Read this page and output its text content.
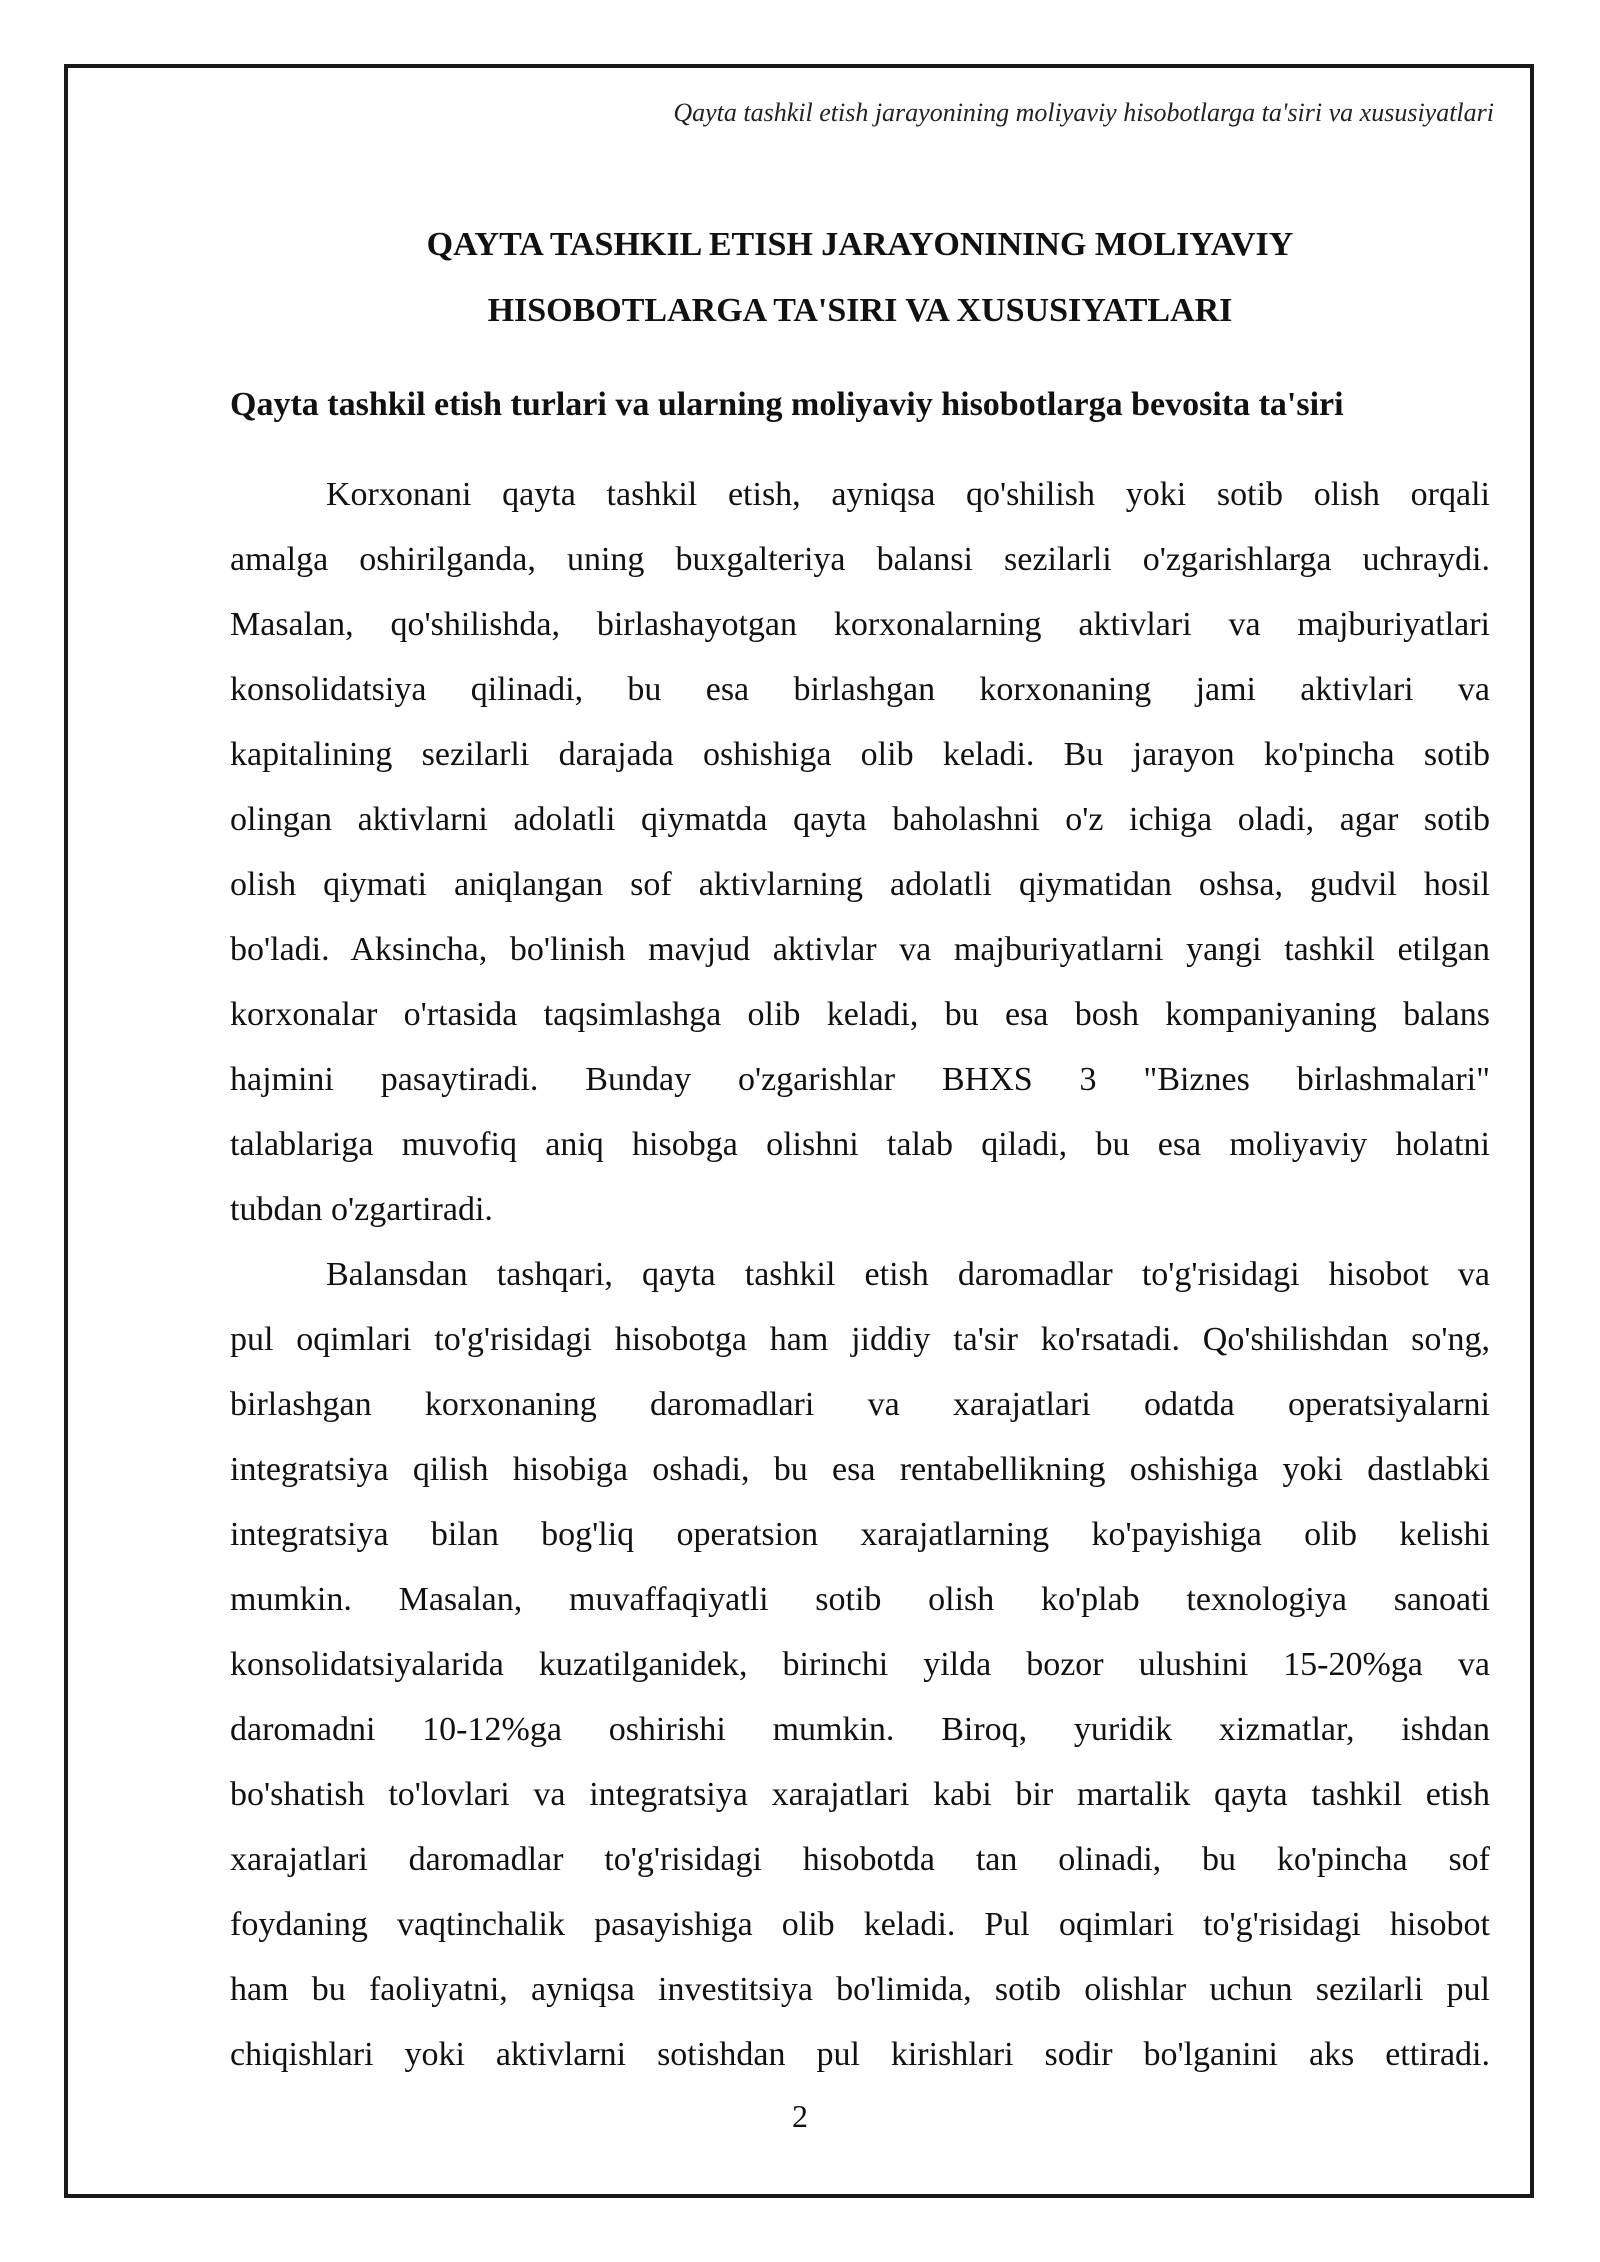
Qayta tashkil etish jarayonining moliyaviy hisobotlarga ta'siri va xususiyatlari
QAYTA TASHKIL ETISH JARAYONINING MOLIYAVIY
HISOBOTLARGA TA'SIRI VA XUSUSIYATLARI
Qayta tashkil etish turlari va ularning moliyaviy hisobotlarga bevosita ta'siri
Korxonani qayta tashkil etish, ayniqsa qo'shilish yoki sotib olish orqali
amalga oshirilganda, uning buxgalteriya balansi sezilarli o'zgarishlarga uchraydi.
Masalan, qo'shilishda, birlashayotgan korxonalarning aktivlari va majburiyatlari
konsolidatsiya qilinadi, bu esa birlashgan korxonaning jami aktivlari va
kapitalining sezilarli darajada oshishiga olib keladi. Bu jarayon ko'pincha sotib
olingan aktivlarni adolatli qiymatda qayta baholashni o'z ichiga oladi, agar sotib
olish qiymati aniqlangan sof aktivlarning adolatli qiymatidan oshsa, gudvil hosil
bo'ladi. Aksincha, bo'linish mavjud aktivlar va majburiyatlarni yangi tashkil etilgan
korxonalar o'rtasida taqsimlashga olib keladi, bu esa bosh kompaniyaning balans
hajmini pasaytiradi. Bunday o'zgarishlar BHXS 3 "Biznes birlashmalari"
talablariga muvofiq aniq hisobga olishni talab qiladi, bu esa moliyaviy holatni
tubdan o'zgartiradi.
Balansdan tashqari, qayta tashkil etish daromadlar to'g'risidagi hisobot va
pul oqimlari to'g'risidagi hisobotga ham jiddiy ta'sir ko'rsatadi. Qo'shilishdan so'ng,
birlashgan korxonaning daromadlari va xarajatlari odatda operatsiyalarni
integratsiya qilish hisobiga oshadi, bu esa rentabellikning oshishiga yoki dastlabki
integratsiya bilan bog'liq operatsion xarajatlarning ko'payishiga olib kelishi
mumkin. Masalan, muvaffaqiyatli sotib olish ko'plab texnologiya sanoati
konsolidatsiyalarida kuzatilganidek, birinchi yilda bozor ulushini 15-20%ga va
daromadni 10-12%ga oshirishi mumkin. Biroq, yuridik xizmatlar, ishdan
bo'shatish to'lovlari va integratsiya xarajatlari kabi bir martalik qayta tashkil etish
xarajatlari daromadlar to'g'risidagi hisobotda tan olinadi, bu ko'pincha sof
foydaning vaqtinchalik pasayishiga olib keladi. Pul oqimlari to'g'risidagi hisobot
ham bu faoliyatni, ayniqsa investitsiya bo'limida, sotib olishlar uchun sezilarli pul
chiqishlari yoki aktivlarni sotishdan pul kirishlari sodir bo'lganini aks ettiradi.
2
